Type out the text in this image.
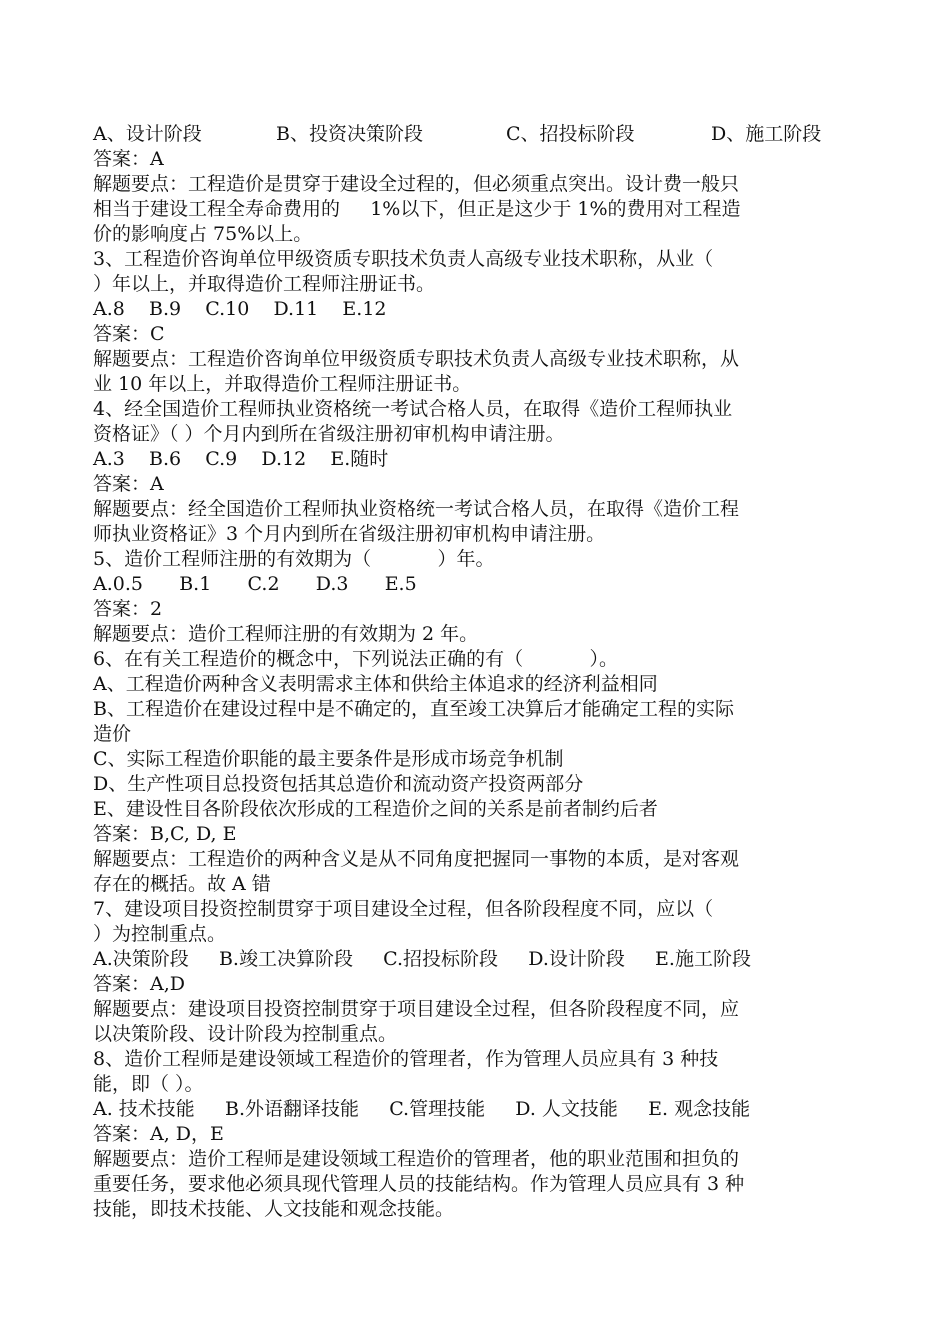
A、设计阶段	B、投资决策阶段	C、招投标阶段	D、施工阶段
答案：A
解题要点：工程造价是贯穿于建设全过程的，但必须重点突出。设计费一般只
相当于建设工程全寿命费用的     1%以下，但正是这少于 1%的费用对工程造
价的影响度占 75%以上。
3、工程造价咨询单位甲级资质专职技术负责人高级专业技术职称，从业（
）年以上，并取得造价工程师注册证书。
A.8    B.9    C.10    D.11    E.12
答案：C
解题要点：工程造价咨询单位甲级资质专职技术负责人高级专业技术职称，从
业 10 年以上，并取得造价工程师注册证书。
4、经全国造价工程师执业资格统一考试合格人员，在取得《造价工程师执业
资格证》（ ）个月内到所在省级注册初审机构申请注册。
A.3    B.6    C.9    D.12    E.随时
答案：A
解题要点：经全国造价工程师执业资格统一考试合格人员，在取得《造价工程
师执业资格证》3 个月内到所在省级注册初审机构申请注册。
5、造价工程师注册的有效期为（           ）年。
A.0.5      B.1      C.2      D.3      E.5
答案：2
解题要点：造价工程师注册的有效期为 2 年。
6、在有关工程造价的概念中，下列说法正确的有（           ）。
A、工程造价两种含义表明需求主体和供给主体追求的经济利益相同
B、工程造价在建设过程中是不确定的，直至竣工决算后才能确定工程的实际
造价
C、实际工程造价职能的最主要条件是形成市场竞争机制
D、生产性项目总投资包括其总造价和流动资产投资两部分
E、建设性目各阶段依次形成的工程造价之间的关系是前者制约后者
答案：B,C, D, E
解题要点：工程造价的两种含义是从不同角度把握同一事物的本质，是对客观
存在的概括。故 A 错
7、建设项目投资控制贯穿于项目建设全过程，但各阶段程度不同，应以（
）为控制重点。
A.决策阶段     B.竣工决算阶段     C.招投标阶段     D.设计阶段     E.施工阶段
答案：A,D
解题要点：建设项目投资控制贯穿于项目建设全过程，但各阶段程度不同，应
以决策阶段、设计阶段为控制重点。
8、造价工程师是建设领域工程造价的管理者，作为管理人员应具有 3 种技
能，即（ ）。
A. 技术技能     B.外语翻译技能     C.管理技能     D. 人文技能     E. 观念技能
答案：A, D，E
解题要点：造价工程师是建设领域工程造价的管理者，他的职业范围和担负的
重要任务，要求他必须具现代管理人员的技能结构。作为管理人员应具有 3 种
技能，即技术技能、人文技能和观念技能。
